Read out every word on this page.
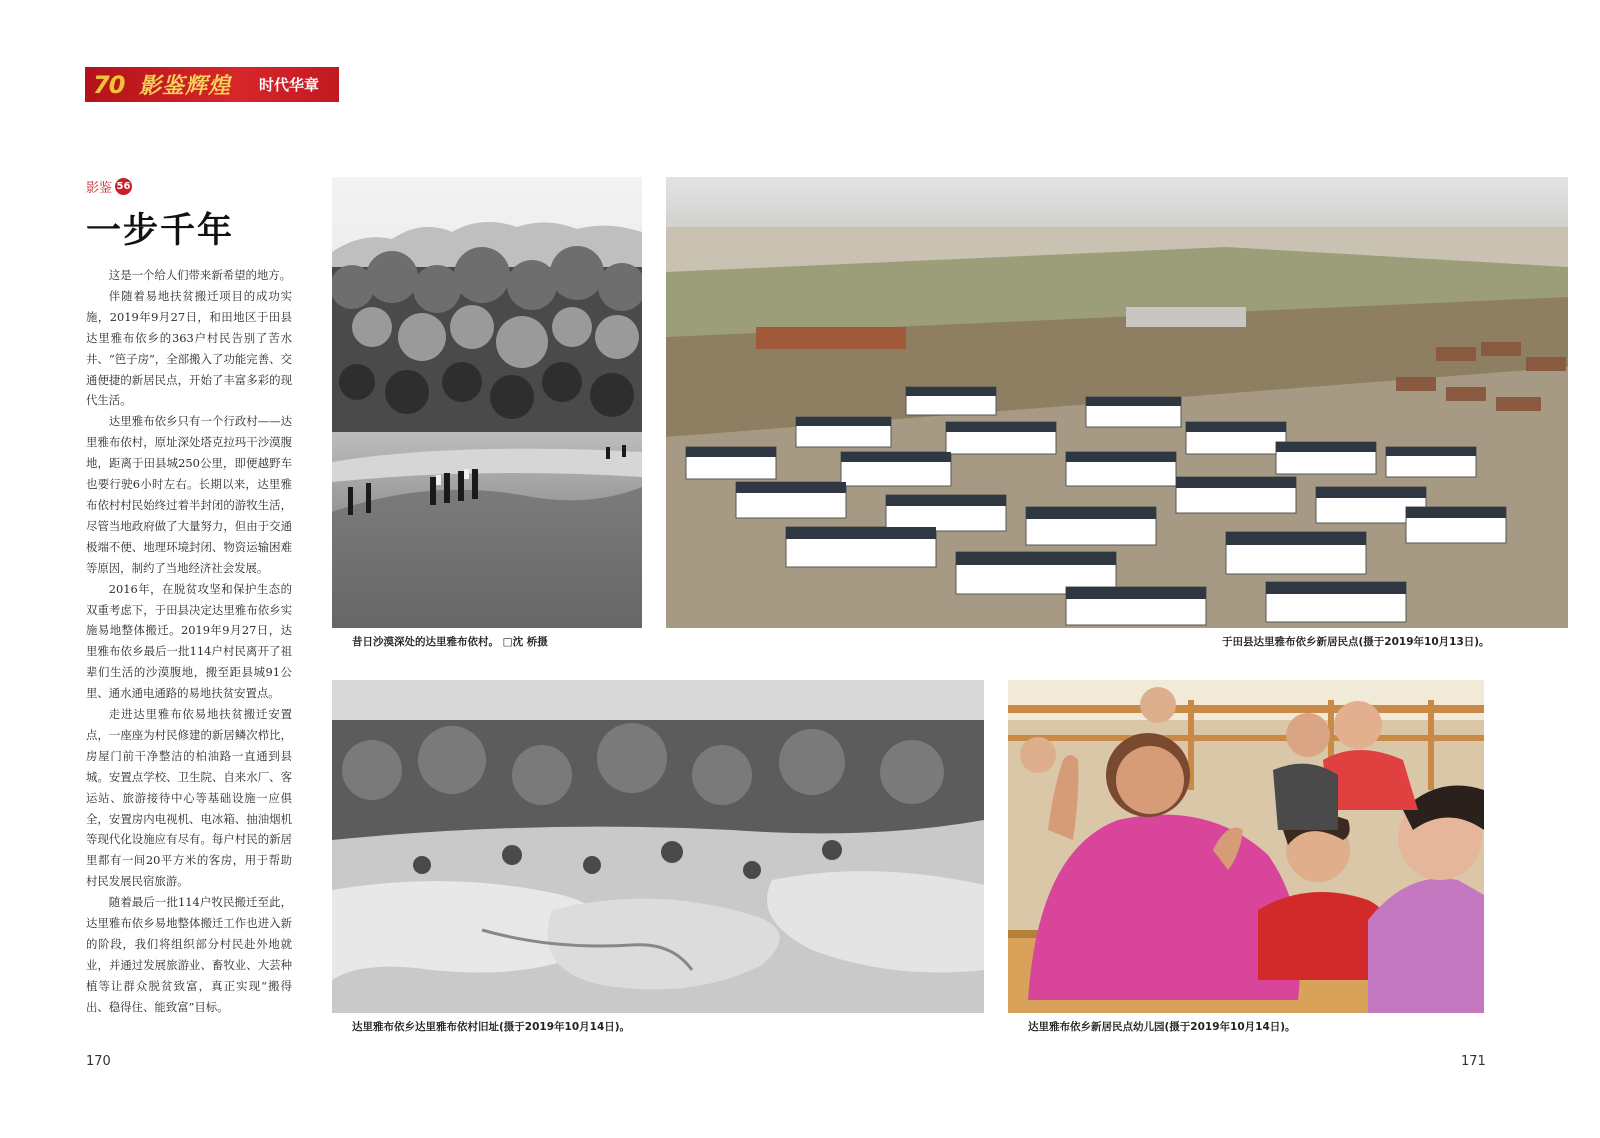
70 影鉴辉煌	时代华章
影鉴 56
一步千年

这是一个给人们带来新希望的地方。

伴随着易地扶贫搬迁项目的成功实施，2019年9月27日，和田地区于田县达里雅布依乡的363户村民告别了苦水井、“笆子房”，全部搬入了功能完善、交通便捷的新居民点，开始了丰富多彩的现代生活。

达里雅布依乡只有一个行政村——达里雅布依村，原址深处塔克拉玛干沙漠腹地，距离于田县城250公里，即便越野车也要行驶6小时左右。长期以来，达里雅布依村村民始终过着半封闭的游牧生活，尽管当地政府做了大量努力，但由于交通极端不便、地理环境封闭、物资运输困难等原因，制约了当地经济社会发展。

2016年，在脱贫攻坚和保护生态的双重考虑下，于田县决定达里雅布依乡实施易地整体搬迁。2019年9月27日，达里雅布依乡最后一批114户村民离开了祖辈们生活的沙漠腹地，搬至距县城91公里、通水通电通路的易地扶贫安置点。

走进达里雅布依易地扶贫搬迁安置点，一座座为村民修建的新居鳞次栉比，房屋门前干净整洁的柏油路一直通到县城。安置点学校、卫生院、自来水厂、客运站、旅游接待中心等基础设施一应俱全，安置房内电视机、电冰箱、抽油烟机等现代化设施应有尽有。每户村民的新居里都有一间20平方米的客房，用于帮助村民发展民宿旅游。

随着最后一批114户牧民搬迁至此，达里雅布依乡易地整体搬迁工作也进入新的阶段，我们将组织部分村民赴外地就业，并通过发展旅游业、畜牧业、大芸种植等让群众脱贫致富，真正实现“搬得出、稳得住、能致富”目标。

昔日沙漠深处的达里雅布依村。 □沈 桥摄	于田县达里雅布依乡新居民点(摄于2019年10月13日)。
达里雅布依乡达里雅布依村旧址(摄于2019年10月14日)。	达里雅布依乡新居民点幼儿园(摄于2019年10月14日)。
170	171
